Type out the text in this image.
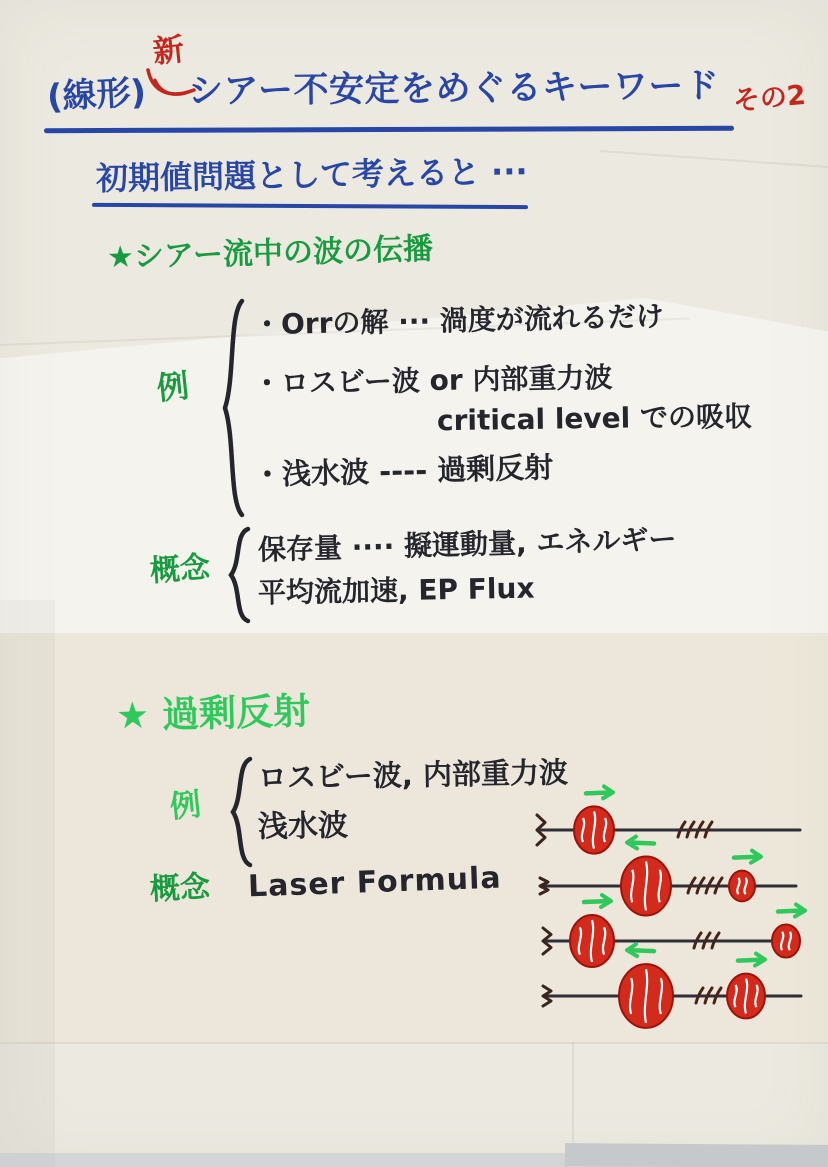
(線形)
新
シアー不安定をめぐるキーワード その2
初期値問題として考えると ···
★シアー流中の波の伝播
例
・Orrの解 ··· 渦度が流れるだけ
・ロスビー波 or 内部重力波
critical level での吸収
・浅水波 ---- 過剰反射
概念
保存量 ···· 擬運動量, エネルギー
平均流加速, EP Flux
★ 過剰反射
例
ロスビー波, 内部重力波
浅水波
概念 Laser Formula
